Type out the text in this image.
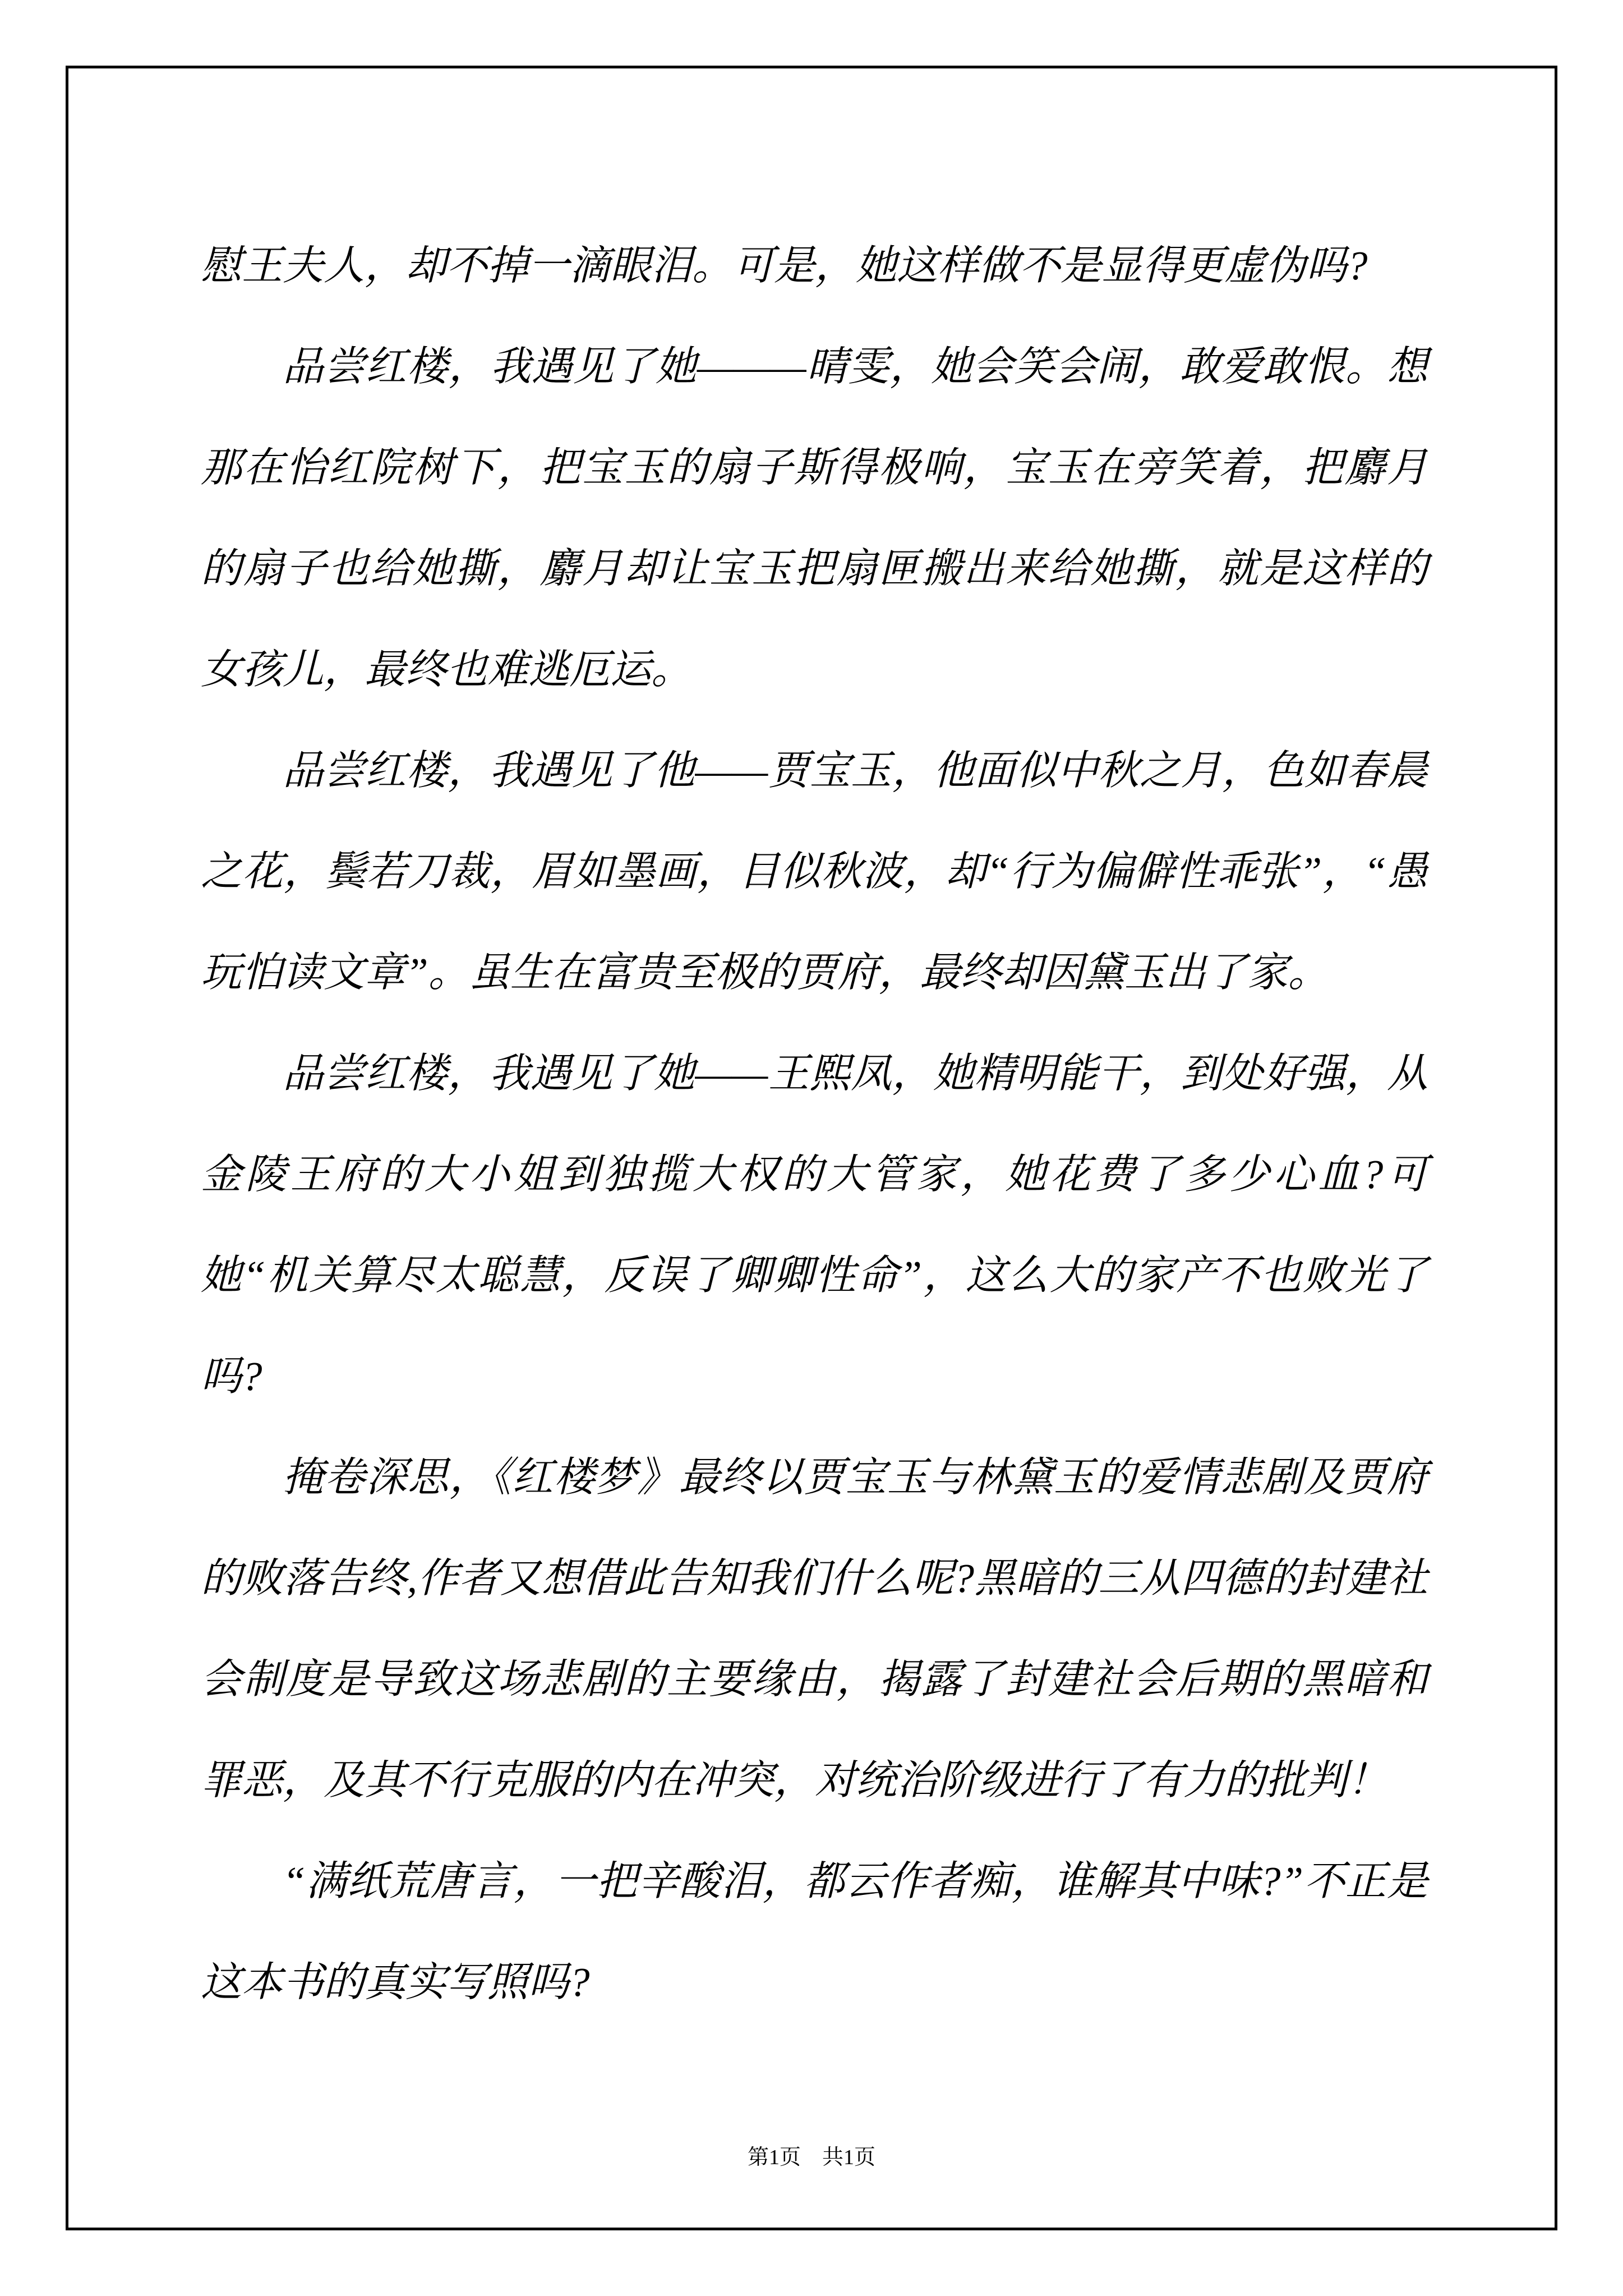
慰王夫人，却不掉一滴眼泪。可是，她这样做不是显得更虚伪吗?

品尝红楼，我遇见了她———晴雯，她会笑会闹，敢爱敢恨。想那在怡红院树下，把宝玉的扇子斯得极响，宝玉在旁笑着，把麝月的扇子也给她撕，麝月却让宝玉把扇匣搬出来给她撕，就是这样的女孩儿，最终也难逃厄运。

品尝红楼，我遇见了他——贾宝玉，他面似中秋之月，色如春晨之花，鬓若刀裁，眉如墨画，目似秋波，却“行为偏僻性乖张”，“愚玩怕读文章”。虽生在富贵至极的贾府，最终却因黛玉出了家。

品尝红楼，我遇见了她——王熙凤，她精明能干，到处好强，从金陵王府的大小姐到独揽大权的大管家，她花费了多少心血?可她“机关算尽太聪慧，反误了卿卿性命”，这么大的家产不也败光了吗?

掩卷深思，《红楼梦》最终以贾宝玉与林黛玉的爱情悲剧及贾府的败落告终,作者又想借此告知我们什么呢?黑暗的三从四德的封建社会制度是导致这场悲剧的主要缘由，揭露了封建社会后期的黑暗和罪恶，及其不行克服的内在冲突，对统治阶级进行了有力的批判！

“满纸荒唐言，一把辛酸泪，都云作者痴，谁解其中味?”不正是这本书的真实写照吗?

第1页　共1页
